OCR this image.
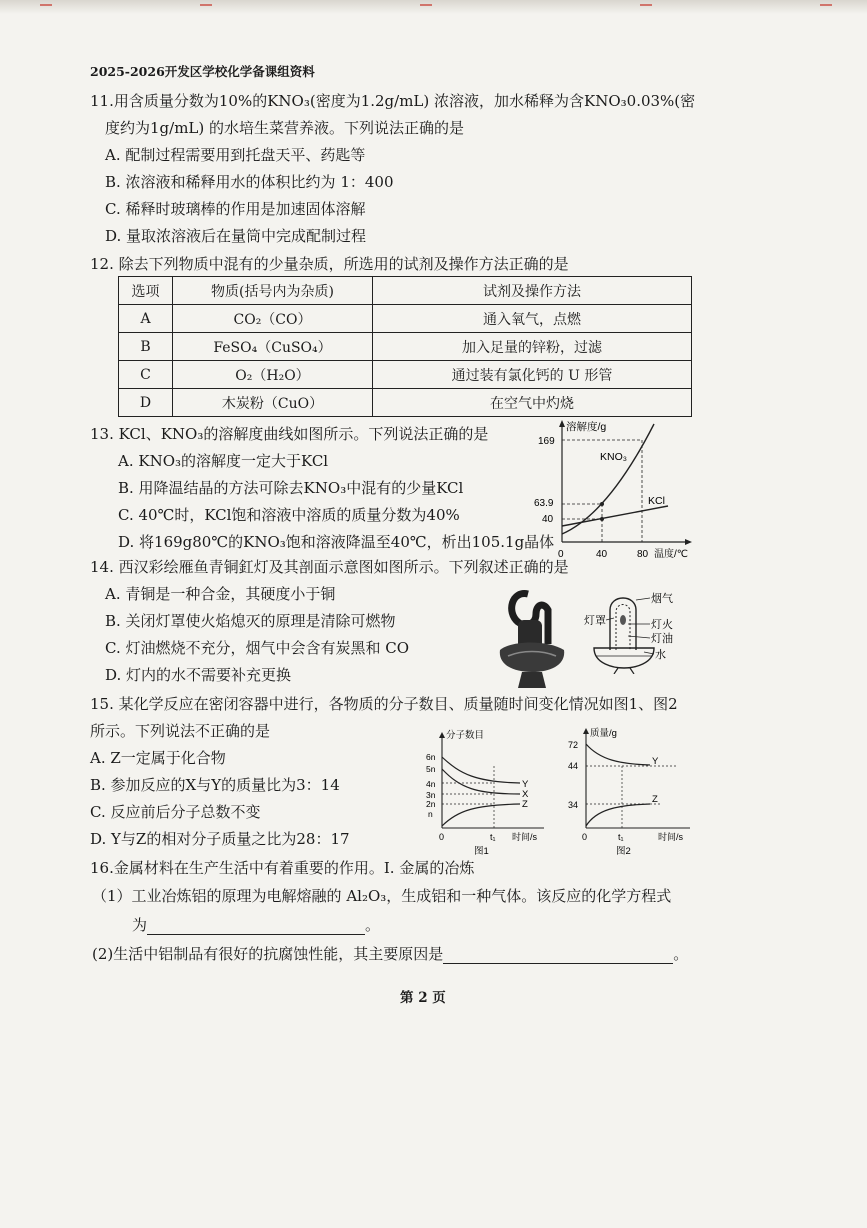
2025-2026开发区学校化学备课组资料
11.用含质量分数为10%的KNO₃(密度为1.2g/mL) 浓溶液，加水稀释为含KNO₃0.03%(密
度约为1g/mL) 的水培生菜营养液。下列说法正确的是
A. 配制过程需要用到托盘天平、药匙等
B. 浓溶液和稀释用水的体积比约为 1：400
C. 稀释时玻璃棒的作用是加速固体溶解
D. 量取浓溶液后在量筒中完成配制过程
12. 除去下列物质中混有的少量杂质，所选用的试剂及操作方法正确的是
选项	物质(括号内为杂质)	试剂及操作方法
A	CO₂（CO）	通入氧气，点燃
B	FeSO₄（CuSO₄）	加入足量的锌粉，过滤
C	O₂（H₂O）	通过装有氯化钙的 U 形管
D	木炭粉（CuO）	在空气中灼烧
13. KCl、KNO₃的溶解度曲线如图所示。下列说法正确的是
A. KNO₃的溶解度一定大于KCl
B. 用降温结晶的方法可除去KNO₃中混有的少量KCl
C. 40℃时，KCl饱和溶液中溶质的质量分数为40%
D. 将169g80℃的KNO₃饱和溶液降温至40℃，析出105.1g晶体
溶解度/g
温度/℃
169
63.9
40
0	40	80
KNO₃
KCl
14. 西汉彩绘雁鱼青铜釭灯及其剖面示意图如图所示。下列叙述正确的是
A. 青铜是一种合金，其硬度小于铜
B. 关闭灯罩使火焰熄灭的原理是清除可燃物
C. 灯油燃烧不充分，烟气中会含有炭黑和 CO
D. 灯内的水不需要补充更换
烟气
灯罩	灯火
灯油
水
15. 某化学反应在密闭容器中进行，各物质的分子数目、质量随时间变化情况如图1、图2
所示。下列说法不正确的是
A. Z一定属于化合物
B. 参加反应的X与Y的质量比为3：14
C. 反应前后分子总数不变
D. Y与Z的相对分子质量之比为28：17
分子数目
时间/s
6n
5n
4n
3n
2n
n
0	t₁
Y
X
Z
图1
质量/g
时间/s
72
44
34
0	t₁
Y
Z
图2
16.金属材料在生产生活中有着重要的作用。Ⅰ. 金属的冶炼
（1）工业冶炼铝的原理为电解熔融的 Al₂O₃，生成铝和一种气体。该反应的化学方程式
为	。
(2)生活中铝制品有很好的抗腐蚀性能，其主要原因是	。
第 2 页
